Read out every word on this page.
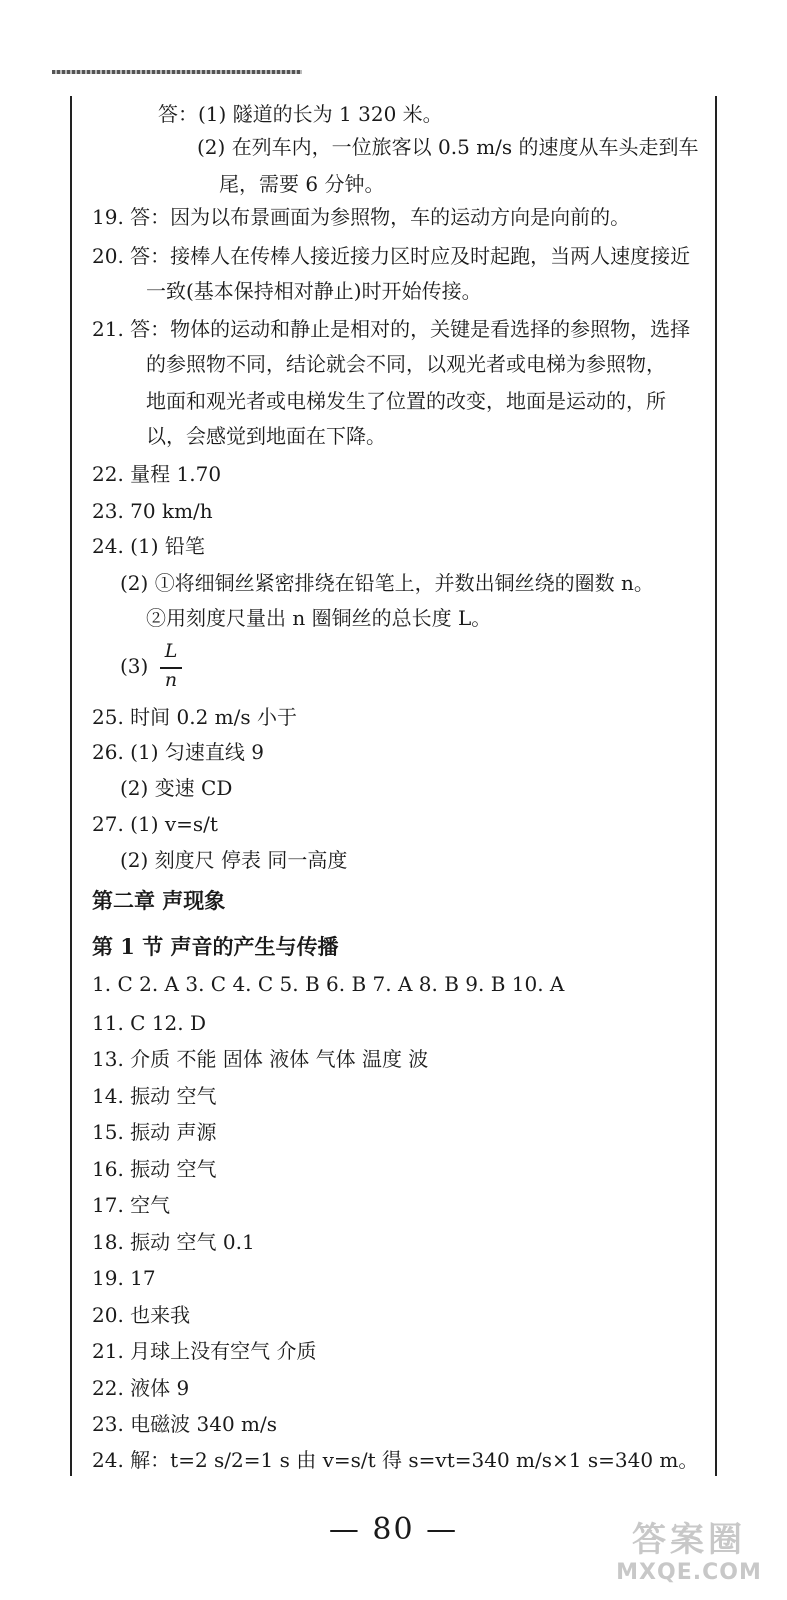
答：(1) 隧道的长为 1 320 米。
(2) 在列车内，一位旅客以 0.5 m/s 的速度从车头走到车
尾，需要 6 分钟。
19. 答：因为以布景画面为参照物，车的运动方向是向前的。
20. 答：接棒人在传棒人接近接力区时应及时起跑，当两人速度接近
一致(基本保持相对静止)时开始传接。
21. 答：物体的运动和静止是相对的，关键是看选择的参照物，选择
的参照物不同，结论就会不同，以观光者或电梯为参照物，
地面和观光者或电梯发生了位置的改变，地面是运动的，所
以，会感觉到地面在下降。
22. 量程 1.70
23. 70 km/h
24. (1) 铅笔
(2) ①将细铜丝紧密排绕在铅笔上，并数出铜丝绕的圈数 n。
②用刻度尺量出 n 圈铜丝的总长度 L。
(3)
L
n
25. 时间 0.2 m/s 小于
26. (1) 匀速直线 9
(2) 变速 CD
27. (1) v=s/t
(2) 刻度尺 停表 同一高度
第二章 声现象
第 1 节 声音的产生与传播
1. C 2. A 3. C 4. C 5. B 6. B 7. A 8. B 9. B 10. A
11. C 12. D
13. 介质 不能 固体 液体 气体 温度 波
14. 振动 空气
15. 振动 声源
16. 振动 空气
17. 空气
18. 振动 空气 0.1
19. 17
20. 也来我
21. 月球上没有空气 介质
22. 液体 9
23. 电磁波 340 m/s
24. 解：t=2 s/2=1 s 由 v=s/t 得 s=vt=340 m/s×1 s=340 m。
— 80 —	答案圈
MXQE.COM
